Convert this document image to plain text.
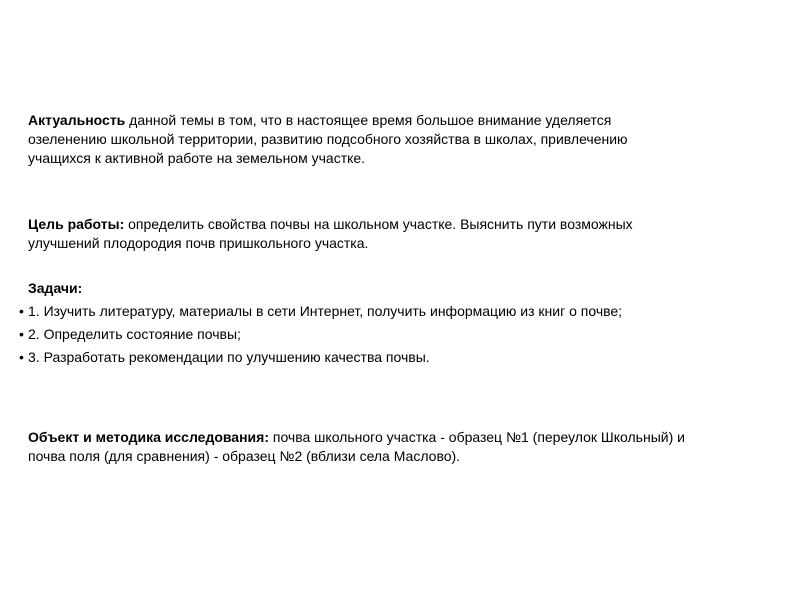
Актуальность данной темы в том, что в настоящее время большое внимание уделяется
озеленению школьной территории, развитию подсобного хозяйства в школах, привлечению
учащихся к активной работе на земельном участке.
Цель работы: определить свойства почвы на школьном участке. Выяснить пути возможных
улучшений плодородия почв пришкольного участка.
Задачи:
• 1. Изучить литературу, материалы в сети Интернет, получить информацию из книг о почве;
• 2. Определить состояние почвы;
• 3. Разработать рекомендации по улучшению качества почвы.
Объект и методика исследования: почва школьного участка - образец №1 (переулок Школьный) и
почва поля (для сравнения) - образец №2 (вблизи села Маслово).
